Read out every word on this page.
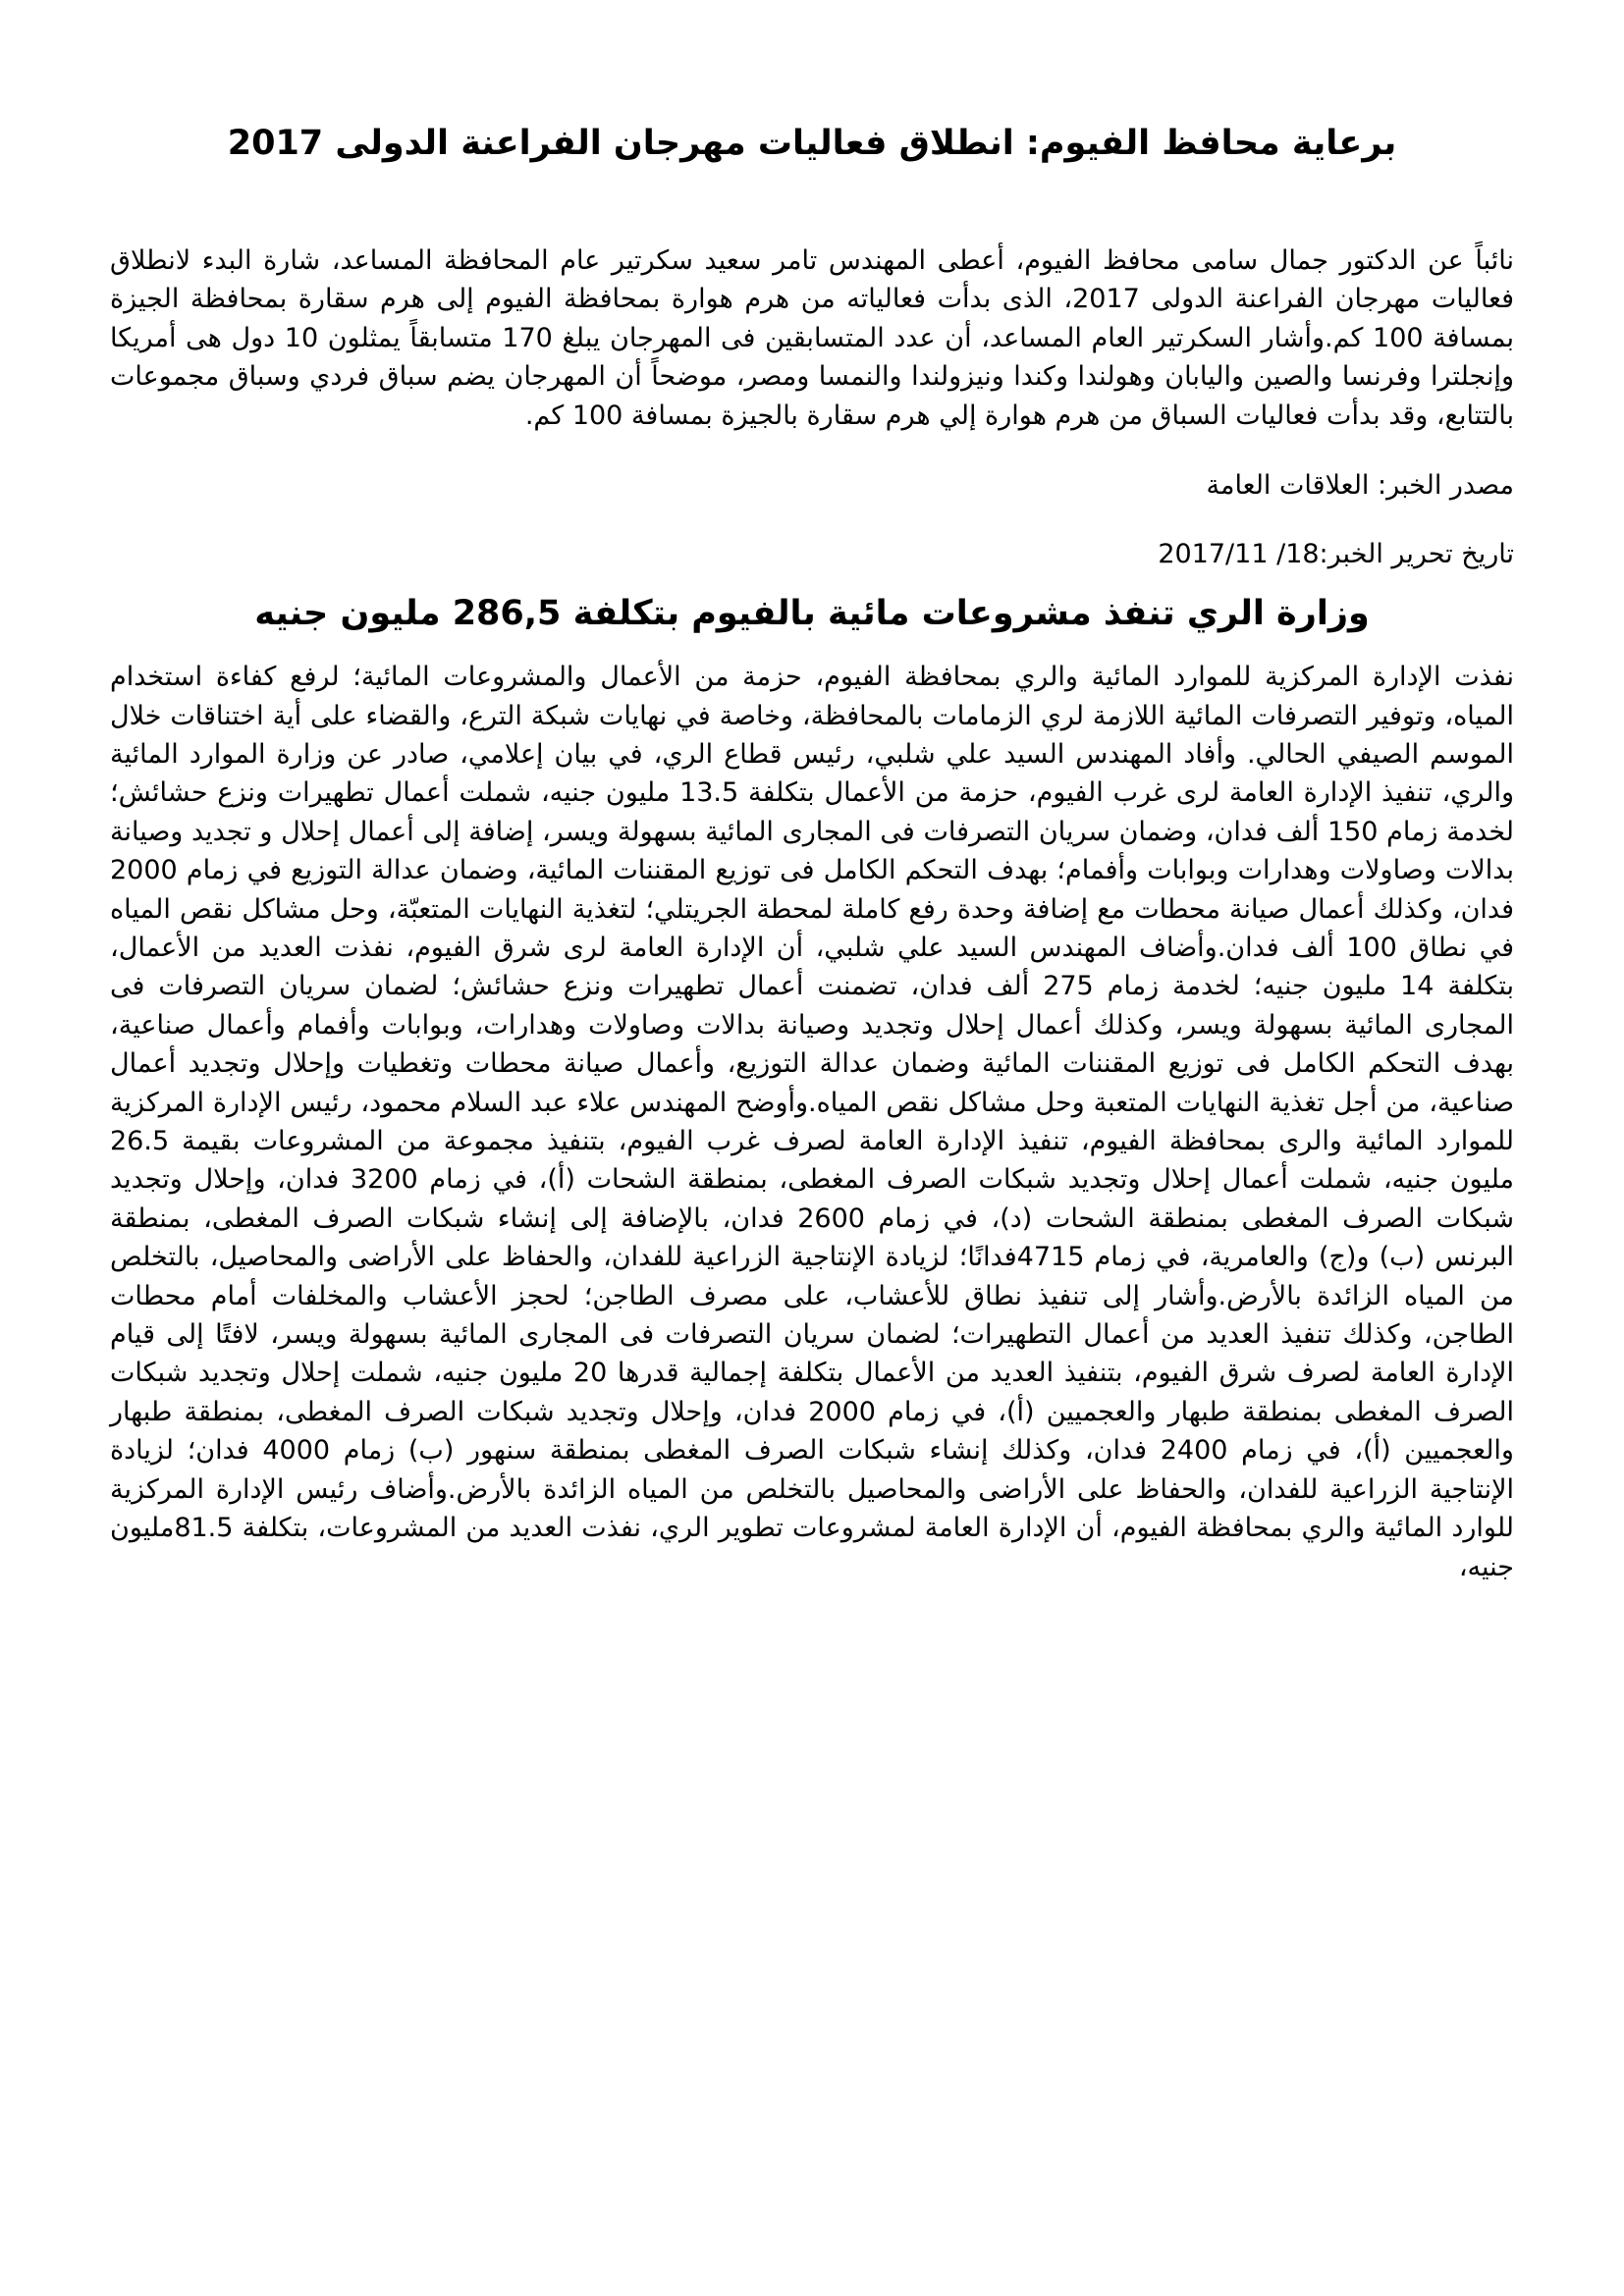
برعاية محافظ الفيوم: انطلاق فعاليات مهرجان الفراعنة الدولى 2017

نائباً عن الدكتور جمال سامى محافظ الفيوم، أعطى المهندس تامر سعيد سكرتير عام المحافظة المساعد، شارة البدء لانطلاق فعاليات مهرجان الفراعنة الدولى 2017، الذى بدأت فعالياته من هرم هوارة بمحافظة الفيوم إلى هرم سقارة بمحافظة الجيزة بمسافة 100 كم.وأشار السكرتير العام المساعد، أن عدد المتسابقين فى المهرجان يبلغ 170 متسابقاً يمثلون 10 دول هى أمريكا وإنجلترا وفرنسا والصين واليابان وهولندا وكندا ونيزولندا والنمسا ومصر، موضحاً أن المهرجان يضم سباق فردي وسباق مجموعات بالتتابع، وقد بدأت فعاليات السباق من هرم هوارة إلي هرم سقارة بالجيزة بمسافة 100 كم.

مصدر الخبر: العلاقات العامة

تاريخ تحرير الخبر:18/ 2017/11

وزارة الري تنفذ مشروعات مائية بالفيوم بتكلفة 286,5 مليون جنيه

نفذت الإدارة المركزية للموارد المائية والري بمحافظة الفيوم، حزمة من الأعمال والمشروعات المائية؛ لرفع كفاءة استخدام المياه، وتوفير التصرفات المائية اللازمة لري الزمامات بالمحافظة، وخاصة في نهايات شبكة الترع، والقضاء على أية اختناقات خلال الموسم الصيفي الحالي. وأفاد المهندس السيد علي شلبي، رئيس قطاع الري، في بيان إعلامي، صادر عن وزارة الموارد المائية والري، تنفيذ الإدارة العامة لرى غرب الفيوم، حزمة من الأعمال بتكلفة 13.5 مليون جنيه، شملت أعمال تطهيرات ونزع حشائش؛ لخدمة زمام 150 ألف فدان، وضمان سريان التصرفات فى المجارى المائية بسهولة ويسر، إضافة إلى أعمال إحلال و تجديد وصيانة بدالات وصاولات وهدارات وبوابات وأفمام؛ بهدف التحكم الكامل فى توزيع المقننات المائية، وضمان عدالة التوزيع في زمام 2000 فدان، وكذلك أعمال صيانة محطات مع إضافة وحدة رفع كاملة لمحطة الجريتلي؛ لتغذية النهايات المتعبّة، وحل مشاكل نقص المياه في نطاق 100 ألف فدان.وأضاف المهندس السيد علي شلبي، أن الإدارة العامة لرى شرق الفيوم، نفذت العديد من الأعمال، بتكلفة 14 مليون جنيه؛ لخدمة زمام 275 ألف فدان، تضمنت أعمال تطهيرات ونزع حشائش؛ لضمان سريان التصرفات فى المجارى المائية بسهولة ويسر، وكذلك أعمال إحلال وتجديد وصيانة بدالات وصاولات وهدارات، وبوابات وأفمام وأعمال صناعية، بهدف التحكم الكامل فى توزيع المقننات المائية وضمان عدالة التوزيع، وأعمال صيانة محطات وتغطيات وإحلال وتجديد أعمال صناعية، من أجل تغذية النهايات المتعبة وحل مشاكل نقص المياه.وأوضح المهندس علاء عبد السلام محمود، رئيس الإدارة المركزية للموارد المائية والرى بمحافظة الفيوم، تنفيذ الإدارة العامة لصرف غرب الفيوم، بتنفيذ مجموعة من المشروعات بقيمة 26.5 مليون جنيه، شملت أعمال إحلال وتجديد شبكات الصرف المغطى، بمنطقة الشحات (أ)، في زمام 3200 فدان، وإحلال وتجديد شبكات الصرف المغطى بمنطقة الشحات (د)، في زمام 2600 فدان، بالإضافة إلى إنشاء شبكات الصرف المغطى، بمنطقة البرنس (ب) و(ج) والعامرية، في زمام 4715فدانًا؛ لزيادة الإنتاجية الزراعية للفدان، والحفاظ على الأراضى والمحاصيل، بالتخلص من المياه الزائدة بالأرض.وأشار إلى تنفيذ نطاق للأعشاب، على مصرف الطاجن؛ لحجز الأعشاب والمخلفات أمام محطات الطاجن، وكذلك تنفيذ العديد من أعمال التطهيرات؛ لضمان سريان التصرفات فى المجارى المائية بسهولة ويسر، لافتًا إلى قيام الإدارة العامة لصرف شرق الفيوم، بتنفيذ العديد من الأعمال بتكلفة إجمالية قدرها 20 مليون جنيه، شملت إحلال وتجديد شبكات الصرف المغطى بمنطقة طبهار والعجميين (أ)، في زمام 2000 فدان، وإحلال وتجديد شبكات الصرف المغطى، بمنطقة طبهار والعجميين (أ)، في زمام 2400 فدان، وكذلك إنشاء شبكات الصرف المغطى بمنطقة سنهور (ب) زمام 4000 فدان؛ لزيادة الإنتاجية الزراعية للفدان، والحفاظ على الأراضى والمحاصيل بالتخلص من المياه الزائدة بالأرض.وأضاف رئيس الإدارة المركزية للوارد المائية والري بمحافظة الفيوم، أن الإدارة العامة لمشروعات تطوير الري، نفذت العديد من المشروعات، بتكلفة 81.5مليون جنيه،
